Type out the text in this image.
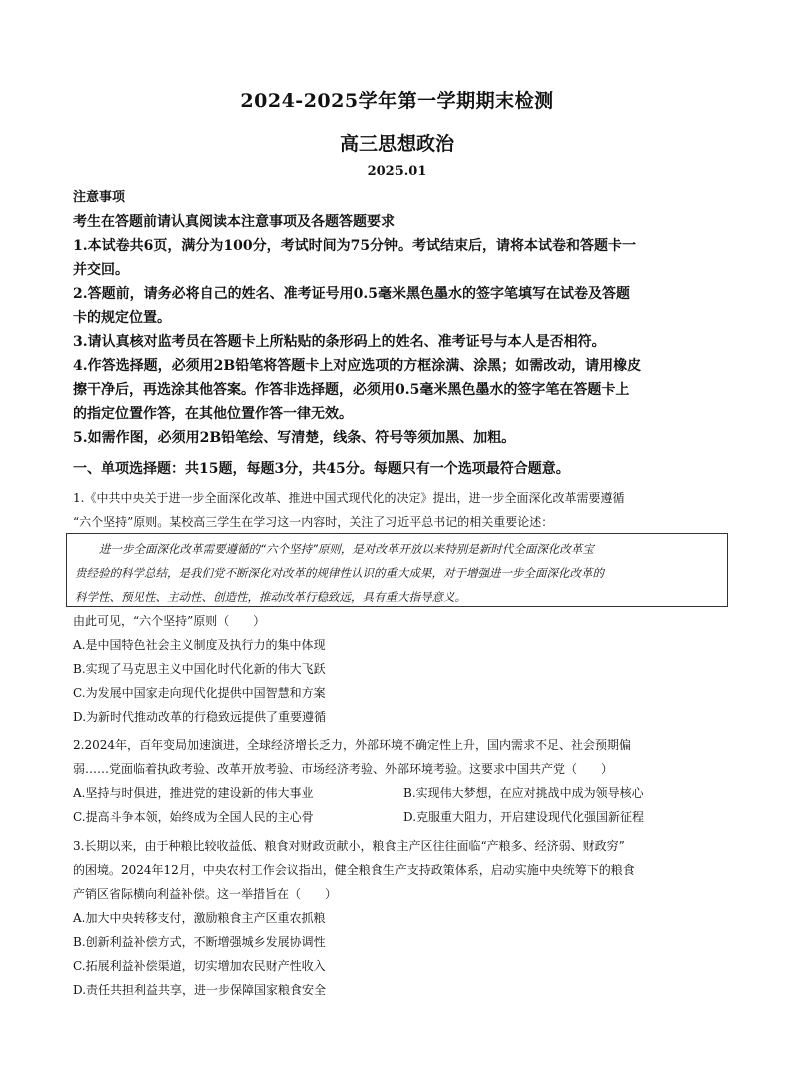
2024-2025学年第一学期期末检测
高三思想政治
2025.01
注意事项
考生在答题前请认真阅读本注意事项及各题答题要求
1.本试卷共6页，满分为100分，考试时间为75分钟。考试结束后，请将本试卷和答题卡一
并交回。
2.答题前，请务必将自己的姓名、准考证号用0.5毫米黑色墨水的签字笔填写在试卷及答题
卡的规定位置。
3.请认真核对监考员在答题卡上所粘贴的条形码上的姓名、准考证号与本人是否相符。
4.作答选择题，必须用2B铅笔将答题卡上对应选项的方框涂满、涂黑；如需改动，请用橡皮
擦干净后，再选涂其他答案。作答非选择题，必须用0.5毫米黑色墨水的签字笔在答题卡上
的指定位置作答，在其他位置作答一律无效。
5.如需作图，必须用2B铅笔绘、写清楚，线条、符号等须加黑、加粗。
一、单项选择题：共15题，每题3分，共45分。每题只有一个选项最符合题意。
1.《中共中央关于进一步全面深化改革、推进中国式现代化的决定》提出，进一步全面深化改革需要遵循
“六个坚持”原则。某校高三学生在学习这一内容时，关注了习近平总书记的相关重要论述：
进一步全面深化改革需要遵循的“六个坚持”原则，是对改革开放以来特别是新时代全面深化改革宝
贵经验的科学总结，是我们党不断深化对改革的规律性认识的重大成果，对于增强进一步全面深化改革的
科学性、预见性、主动性、创造性，推动改革行稳致远，具有重大指导意义。
由此可见，“六个坚持”原则（　　）
A.是中国特色社会主义制度及执行力的集中体现
B.实现了马克思主义中国化时代化新的伟大飞跃
C.为发展中国家走向现代化提供中国智慧和方案
D.为新时代推动改革的行稳致远提供了重要遵循
2.2024年，百年变局加速演进，全球经济增长乏力，外部环境不确定性上升，国内需求不足、社会预期偏
弱……党面临着执政考验、改革开放考验、市场经济考验、外部环境考验。这要求中国共产党（　　）
A.坚持与时俱进，推进党的建设新的伟大事业	B.实现伟大梦想，在应对挑战中成为领导核心
C.提高斗争本领，始终成为全国人民的主心骨	D.克服重大阻力，开启建设现代化强国新征程
3.长期以来，由于种粮比较收益低、粮食对财政贡献小，粮食主产区往往面临“产粮多、经济弱、财政穷”
的困境。2024年12月，中央农村工作会议指出，健全粮食生产支持政策体系，启动实施中央统筹下的粮食
产销区省际横向利益补偿。这一举措旨在（　　）
A.加大中央转移支付，激励粮食主产区重农抓粮
B.创新利益补偿方式，不断增强城乡发展协调性
C.拓展利益补偿渠道，切实增加农民财产性收入
D.责任共担利益共享，进一步保障国家粮食安全
